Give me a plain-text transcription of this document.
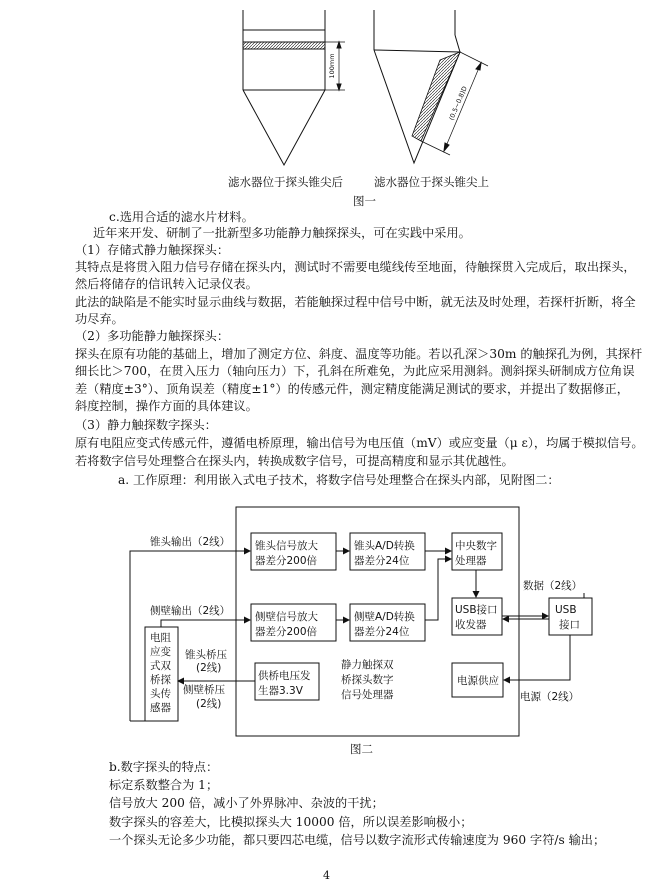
100mm
(0.5~0.8)D
滤水器位于探头锥尖后	滤水器位于探头锥尖上
图一
c.选用合适的滤水片材料。
近年来开发、研制了一批新型多功能静力触探探头，可在实践中采用。
（1）存储式静力触探探头：
其特点是将贯入阻力信号存储在探头内，测试时不需要电缆线传至地面，待触探贯入完成后，取出探头，
然后将储存的信讯转入记录仪表。
此法的缺陷是不能实时显示曲线与数据，若能触探过程中信号中断，就无法及时处理，若探杆折断，将全
功尽弃。
（2）多功能静力触探探头：
探头在原有功能的基础上，增加了测定方位、斜度、温度等功能。若以孔深＞30m 的触探孔为例，其探杆
细长比＞700，在贯入压力（轴向压力）下，孔斜在所难免，为此应采用测斜。测斜探头研制成方位角误
差（精度±3°）、顶角误差（精度±1°）的传感元件，测定精度能满足测试的要求，并提出了数据修正，
斜度控制，操作方面的具体建议。
（3）静力触探数字探头：
原有电阻应变式传感元件，遵循电桥原理，输出信号为电压值（mV）或应变量（μ ε），均属于模拟信号。
若将数字信号处理整合在探头内，转换成数字信号，可提高精度和显示其优越性。
a. 工作原理：利用嵌入式电子技术，将数字信号处理整合在探头内部，见附图二：
锥头输出（2线）
侧壁输出（2线）
电阻
应变
式双
桥探
头传
感器
锥头桥压
(2线)
侧壁桥压
(2线)
锥头信号放大
器差分200倍
锥头A/D转换
器差分24位
中央数字
处理器
侧壁信号放大
器差分200倍
侧壁A/D转换
器差分24位
USB接口
收发器
USB
接口
数据（2线）
供桥电压发
生器3.3V
静力触探双
桥探头数字
信号处理器
电源供应
电源（2线）
图二
b.数字探头的特点：
标定系数整合为 1；
信号放大 200 倍，减小了外界脉冲、杂波的干扰；
数字探头的容差大，比模拟探头大 10000 倍，所以误差影响极小；
一个探头无论多少功能，都只要四芯电缆，信号以数字流形式传输速度为 960 字符/s 输出；
4
